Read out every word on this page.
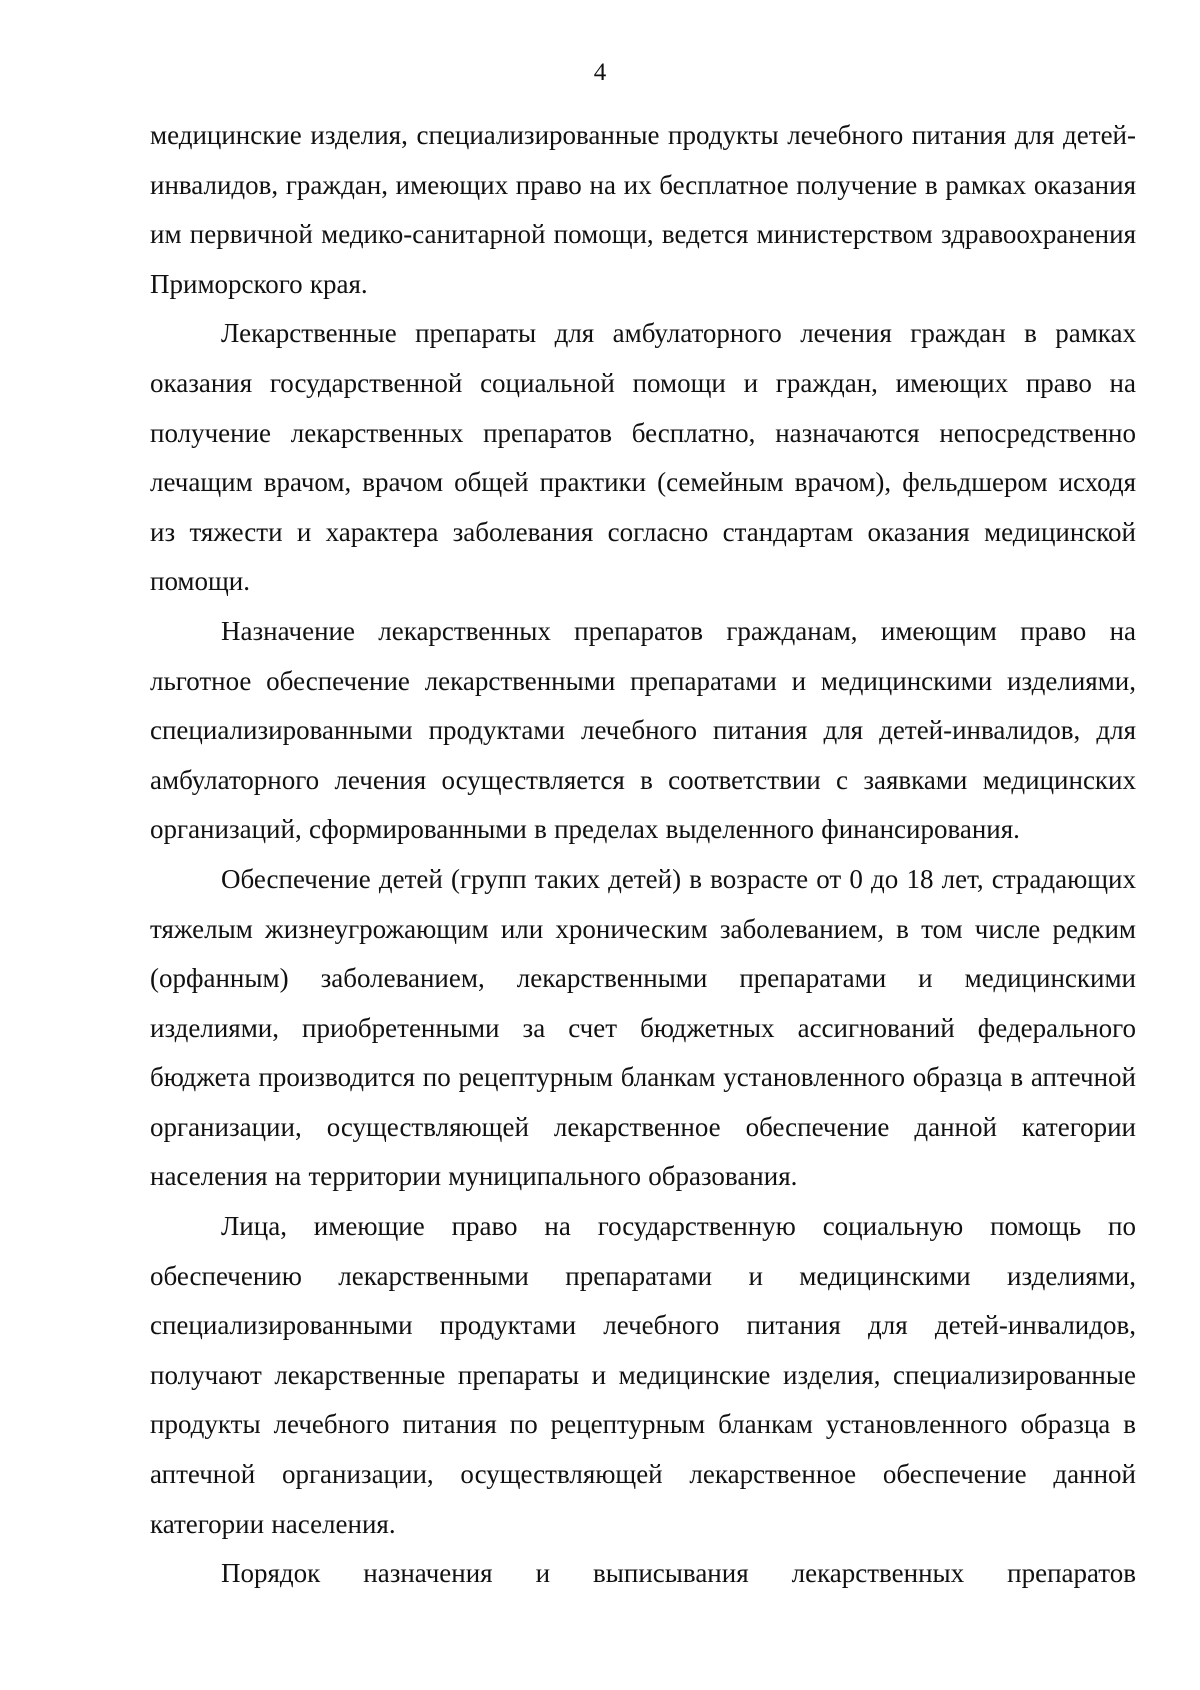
4

медицинские изделия, специализированные продукты лечебного питания для детей-инвалидов, граждан, имеющих право на их бесплатное получение в рамках оказания им первичной медико-санитарной помощи, ведется министерством здравоохранения Приморского края.

Лекарственные препараты для амбулаторного лечения граждан в рамках оказания государственной социальной помощи и граждан, имеющих право на получение лекарственных препаратов бесплатно, назначаются непосредственно лечащим врачом, врачом общей практики (семейным врачом), фельдшером исходя из тяжести и характера заболевания согласно стандартам оказания медицинской помощи.

Назначение лекарственных препаратов гражданам, имеющим право на льготное обеспечение лекарственными препаратами и медицинскими изделиями, специализированными продуктами лечебного питания для детей-инвалидов, для амбулаторного лечения осуществляется в соответствии с заявками медицинских организаций, сформированными в пределах выделенного финансирования.

Обеспечение детей (групп таких детей) в возрасте от 0 до 18 лет, страдающих тяжелым жизнеугрожающим или хроническим заболеванием, в том числе редким (орфанным) заболеванием, лекарственными препаратами и медицинскими изделиями, приобретенными за счет бюджетных ассигнований федерального бюджета производится по рецептурным бланкам установленного образца в аптечной организации, осуществляющей лекарственное обеспечение данной категории населения на территории муниципального образования.

Лица, имеющие право на государственную социальную помощь по обеспечению лекарственными препаратами и медицинскими изделиями, специализированными продуктами лечебного питания для детей-инвалидов, получают лекарственные препараты и медицинские изделия, специализированные продукты лечебного питания по рецептурным бланкам установленного образца в аптечной организации, осуществляющей лекарственное обеспечение данной категории населения.

Порядок назначения и выписывания лекарственных препаратов
